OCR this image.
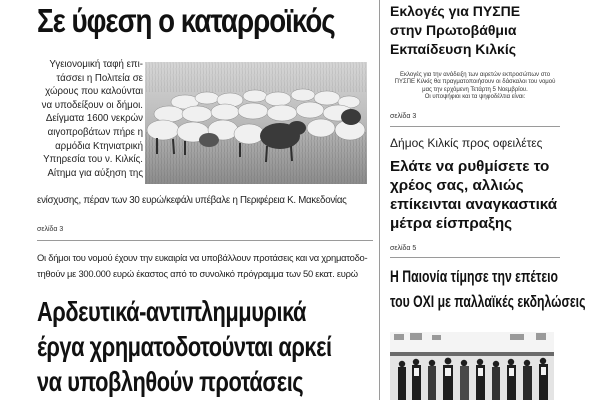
Σε ύφεση ο καταρροϊκός
Υγειονομική ταφή επι-
τάσσει η Πολιτεία σε
χώρους που καλούνται
να υποδείξουν οι δήμοι.
Δείγματα 1600 νεκρών
αιγοπροβάτων πήρε η
αρμόδια Κτηνιατρική
Υπηρεσία του ν. Κιλκίς.
Αίτημα για αύξηση της
ενίσχυσης, πέραν των 30 ευρώ/κεφάλι υπέβαλε η Περιφέρεια Κ. Μακεδονίας
σελίδα 3
Οι δήμοι του νομού έχουν την ευκαιρία να υποβάλλουν προτάσεις και να χρηματοδο-
τηθούν με 300.000 ευρώ έκαστος από το συνολικό πρόγραμμα των 50 εκατ. ευρώ
Αρδευτικά-αντιπλημμυρικά
έργα χρηματοδοτούνται αρκεί
να υποβληθούν προτάσεις
Εκλογές για ΠΥΣΠΕ
στην Πρωτοβάθμια
Εκπαίδευση Κιλκίς
Εκλογές για την ανάδειξη των αιρετών εκπροσώπων στο
ΠΥΣΠΕ Κιλκίς θα πραγματοποιήσουν οι δάσκαλοι του νομού
μας την ερχόμενη Τετάρτη 5 Νοεμβρίου.
Οι υποψήφιοι και τα ψηφοδέλτια είναι:
σελίδα 3
Δήμος Κιλκίς προς οφειλέτες
Ελάτε να ρυθμίσετε το
χρέος σας, αλλιώς
επίκεινται αναγκαστικά
μέτρα είσπραξης
σελίδα 5
Η Παιονία τίμησε την επέτειο
του ΟΧΙ με παλλαϊκές εκδηλώσεις
